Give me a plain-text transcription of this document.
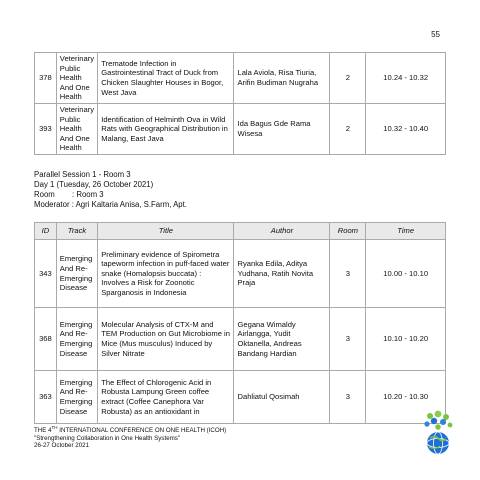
55
378	Veterinary Public Health And One Health	Trematode Infection in Gastrointestinal Tract of Duck from Chicken Slaughter Houses in Bogor, West Java	Lala Aviola, Risa Tiuria, Arifin Budiman Nugraha	2	10.24 - 10.32
393	Veterinary Public Health And One Health	Identification of Helminth Ova in Wild Rats with Geographical Distribution in Malang, East Java	Ida Bagus Gde Rama Wisesa	2	10.32 - 10.40
Parallel Session 1 - Room 3
Day 1 (Tuesday, 26 October 2021)
Room : Room 3
Moderator : Agri Kaltaria Anisa, S.Farm, Apt.
ID	Track	Title	Author	Room	Time
343	Emerging And Re-Emerging Disease	Preliminary evidence of Spirometra tapeworm infection in puff-faced water snake (Homalopsis buccata) : Involves a Risk for Zoonotic Sparganosis in Indonesia	Ryanka Edila, Aditya Yudhana, Ratih Novita Praja	3	10.00 - 10.10
368	Emerging And Re-Emerging Disease	Molecular Analysis of CTX-M and TEM Production on Gut Microbiome in Mice (Mus musculus) Induced by Silver Nitrate	Gegana Wimaldy Airlangga, Yudit Oktanella, Andreas Bandang Hardian	3	10.10 - 10.20
363	Emerging And Re-Emerging Disease	The Effect of Chlorogenic Acid in Robusta Lampung Green coffee extract (Coffee Canephora Var Robusta) as an antioxidant in	Dahliatul Qosimah	3	10.20 - 10.30
THE 4TH INTERNATIONAL CONFERENCE ON ONE HEALTH (ICOH)
"Strengthening Collaboration in One Health Systems"
26-27 October 2021
